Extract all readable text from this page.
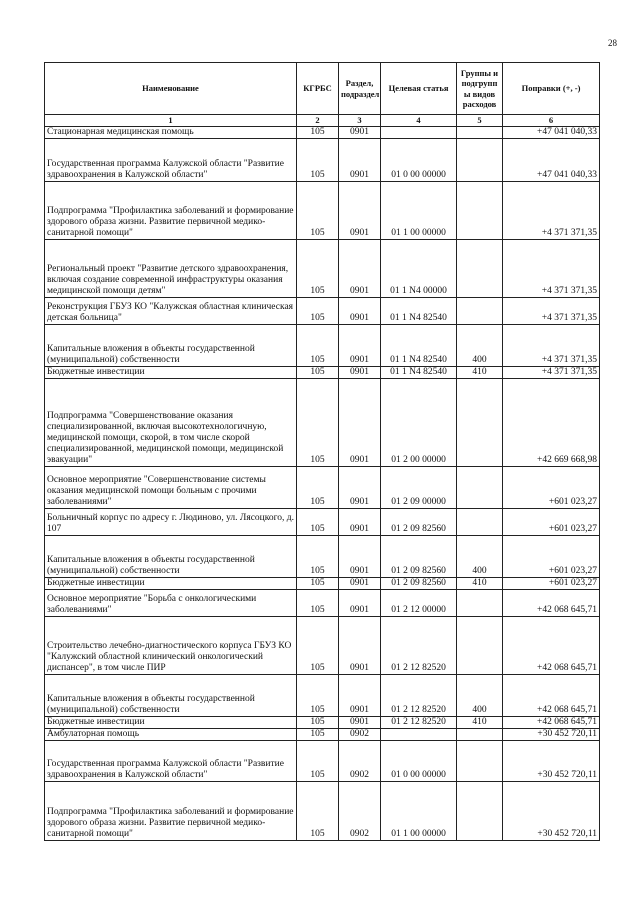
28
Наименование	КГРБС	Раздел, подраздел	Целевая статья	Группы и подгрупп ы видов расходов	Поправки (+, -)
1	2	3	4	5	6
Стационарная медицинская помощь	105	0901			+47 041 040,33
Государственная программа Калужской области "Развитие здравоохранения в Калужской области"	105	0901	01 0 00 00000		+47 041 040,33
Подпрограмма "Профилактика заболеваний и формирование здорового образа жизни. Развитие первичной медико-санитарной помощи"	105	0901	01 1 00 00000		+4 371 371,35
Региональный проект "Развитие детского здравоохранения, включая создание современной инфраструктуры оказания медицинской помощи детям"	105	0901	01 1 N4 00000		+4 371 371,35
Реконструкция ГБУЗ КО "Калужская областная клиническая детская больница"	105	0901	01 1 N4 82540		+4 371 371,35
Капитальные вложения в объекты государственной (муниципальной) собственности	105	0901	01 1 N4 82540	400	+4 371 371,35
Бюджетные инвестиции	105	0901	01 1 N4 82540	410	+4 371 371,35
Подпрограмма "Совершенствование оказания специализированной, включая высокотехнологичную, медицинской помощи, скорой, в том числе скорой специализированной, медицинской помощи, медицинской эвакуации"	105	0901	01 2 00 00000		+42 669 668,98
Основное мероприятие "Совершенствование системы оказания медицинской помощи больным с прочими заболеваниями"	105	0901	01 2 09 00000		+601 023,27
Больничный корпус по адресу г. Людиново, ул. Лясоцкого, д. 107	105	0901	01 2 09 82560		+601 023,27
Капитальные вложения в объекты государственной (муниципальной) собственности	105	0901	01 2 09 82560	400	+601 023,27
Бюджетные инвестиции	105	0901	01 2 09 82560	410	+601 023,27
Основное мероприятие "Борьба с онкологическими заболеваниями"	105	0901	01 2 12 00000		+42 068 645,71
Строительство лечебно-диагностического корпуса ГБУЗ КО "Калужский областной клинический онкологический диспансер", в том числе ПИР	105	0901	01 2 12 82520		+42 068 645,71
Капитальные вложения в объекты государственной (муниципальной) собственности	105	0901	01 2 12 82520	400	+42 068 645,71
Бюджетные инвестиции	105	0901	01 2 12 82520	410	+42 068 645,71
Амбулаторная помощь	105	0902			+30 452 720,11
Государственная программа Калужской области "Развитие здравоохранения в Калужской области"	105	0902	01 0 00 00000		+30 452 720,11
Подпрограмма "Профилактика заболеваний и формирование здорового образа жизни. Развитие первичной медико-санитарной помощи"	105	0902	01 1 00 00000		+30 452 720,11
